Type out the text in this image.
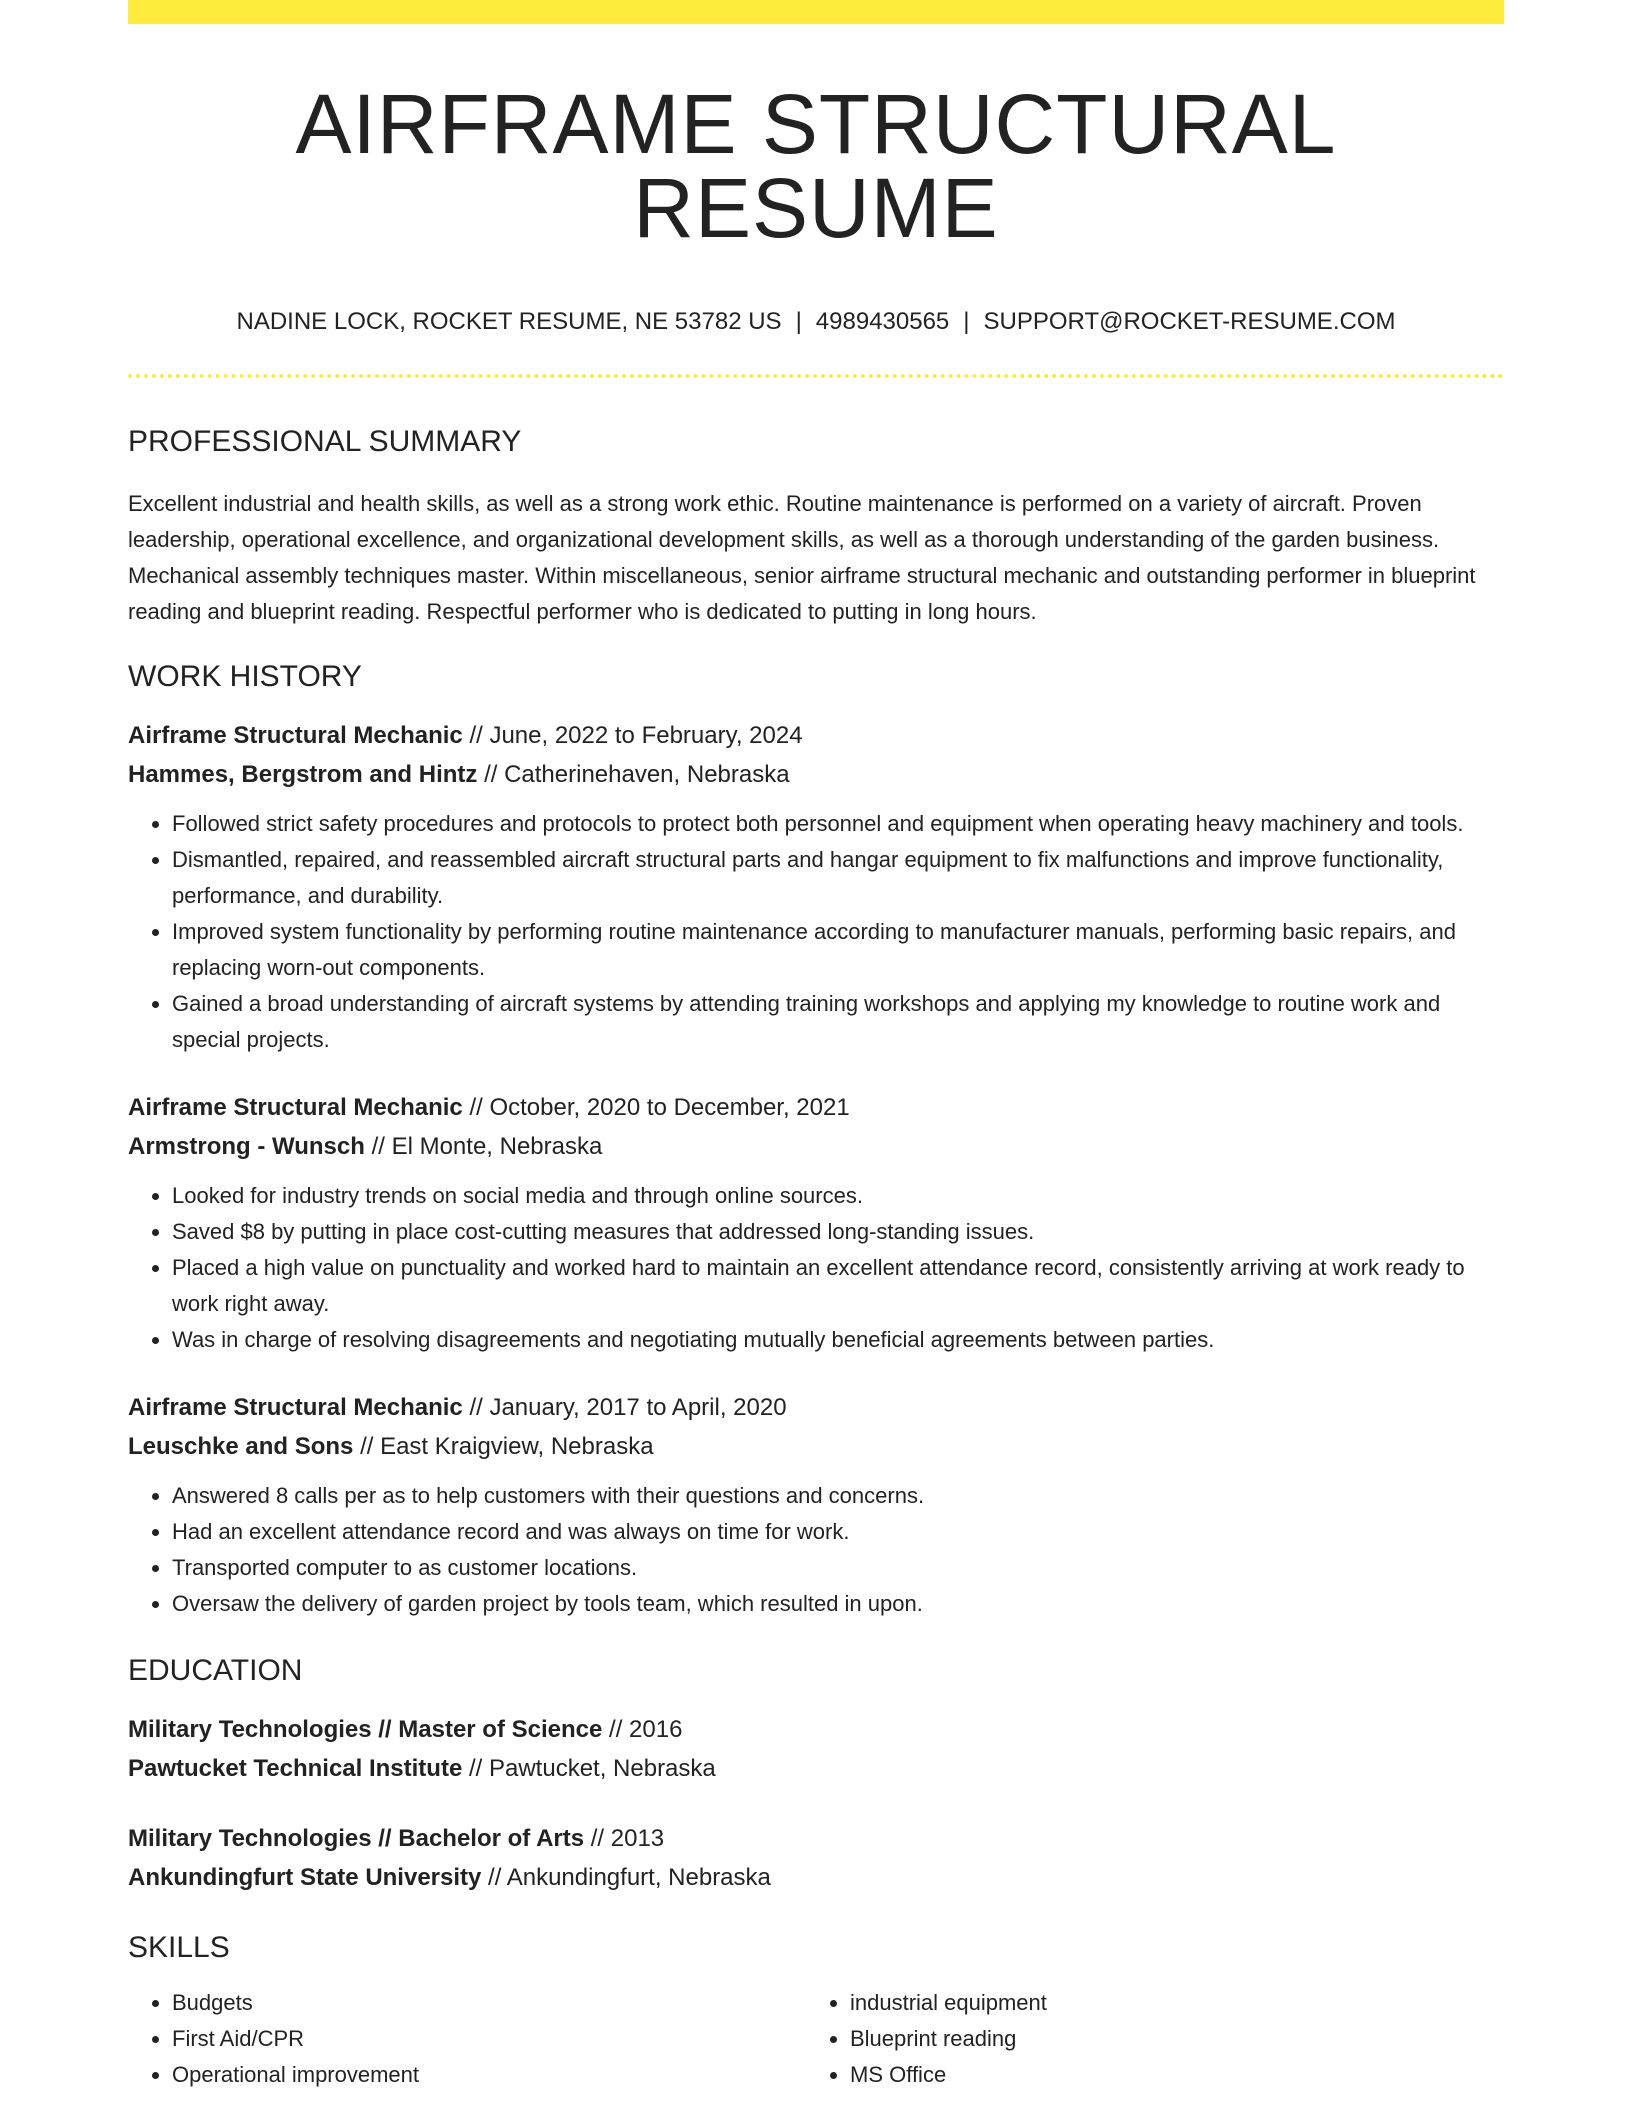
AIRFRAME STRUCTURAL RESUME
NADINE LOCK, ROCKET RESUME, NE 53782 US | 4989430565 | SUPPORT@ROCKET-RESUME.COM
PROFESSIONAL SUMMARY

Excellent industrial and health skills, as well as a strong work ethic. Routine maintenance is performed on a variety of aircraft. Proven leadership, operational excellence, and organizational development skills, as well as a thorough understanding of the garden business. Mechanical assembly techniques master. Within miscellaneous, senior airframe structural mechanic and outstanding performer in blueprint reading and blueprint reading. Respectful performer who is dedicated to putting in long hours.

WORK HISTORY
Airframe Structural Mechanic // June, 2022 to February, 2024
Hammes, Bergstrom and Hintz // Catherinehaven, Nebraska
• Followed strict safety procedures and protocols to protect both personnel and equipment when operating heavy machinery and tools.
• Dismantled, repaired, and reassembled aircraft structural parts and hangar equipment to fix malfunctions and improve functionality, performance, and durability.
• Improved system functionality by performing routine maintenance according to manufacturer manuals, performing basic repairs, and replacing worn-out components.
• Gained a broad understanding of aircraft systems by attending training workshops and applying my knowledge to routine work and special projects.
Airframe Structural Mechanic // October, 2020 to December, 2021
Armstrong - Wunsch // El Monte, Nebraska
• Looked for industry trends on social media and through online sources.
• Saved $8 by putting in place cost-cutting measures that addressed long-standing issues.
• Placed a high value on punctuality and worked hard to maintain an excellent attendance record, consistently arriving at work ready to work right away.
• Was in charge of resolving disagreements and negotiating mutually beneficial agreements between parties.
Airframe Structural Mechanic // January, 2017 to April, 2020
Leuschke and Sons // East Kraigview, Nebraska
• Answered 8 calls per as to help customers with their questions and concerns.
• Had an excellent attendance record and was always on time for work.
• Transported computer to as customer locations.
• Oversaw the delivery of garden project by tools team, which resulted in upon.
EDUCATION
Military Technologies // Master of Science // 2016
Pawtucket Technical Institute // Pawtucket, Nebraska
Military Technologies // Bachelor of Arts // 2013
Ankundingfurt State University // Ankundingfurt, Nebraska
SKILLS
• Budgets
• First Aid/CPR
• Operational improvement
• industrial equipment
• Blueprint reading
• MS Office
